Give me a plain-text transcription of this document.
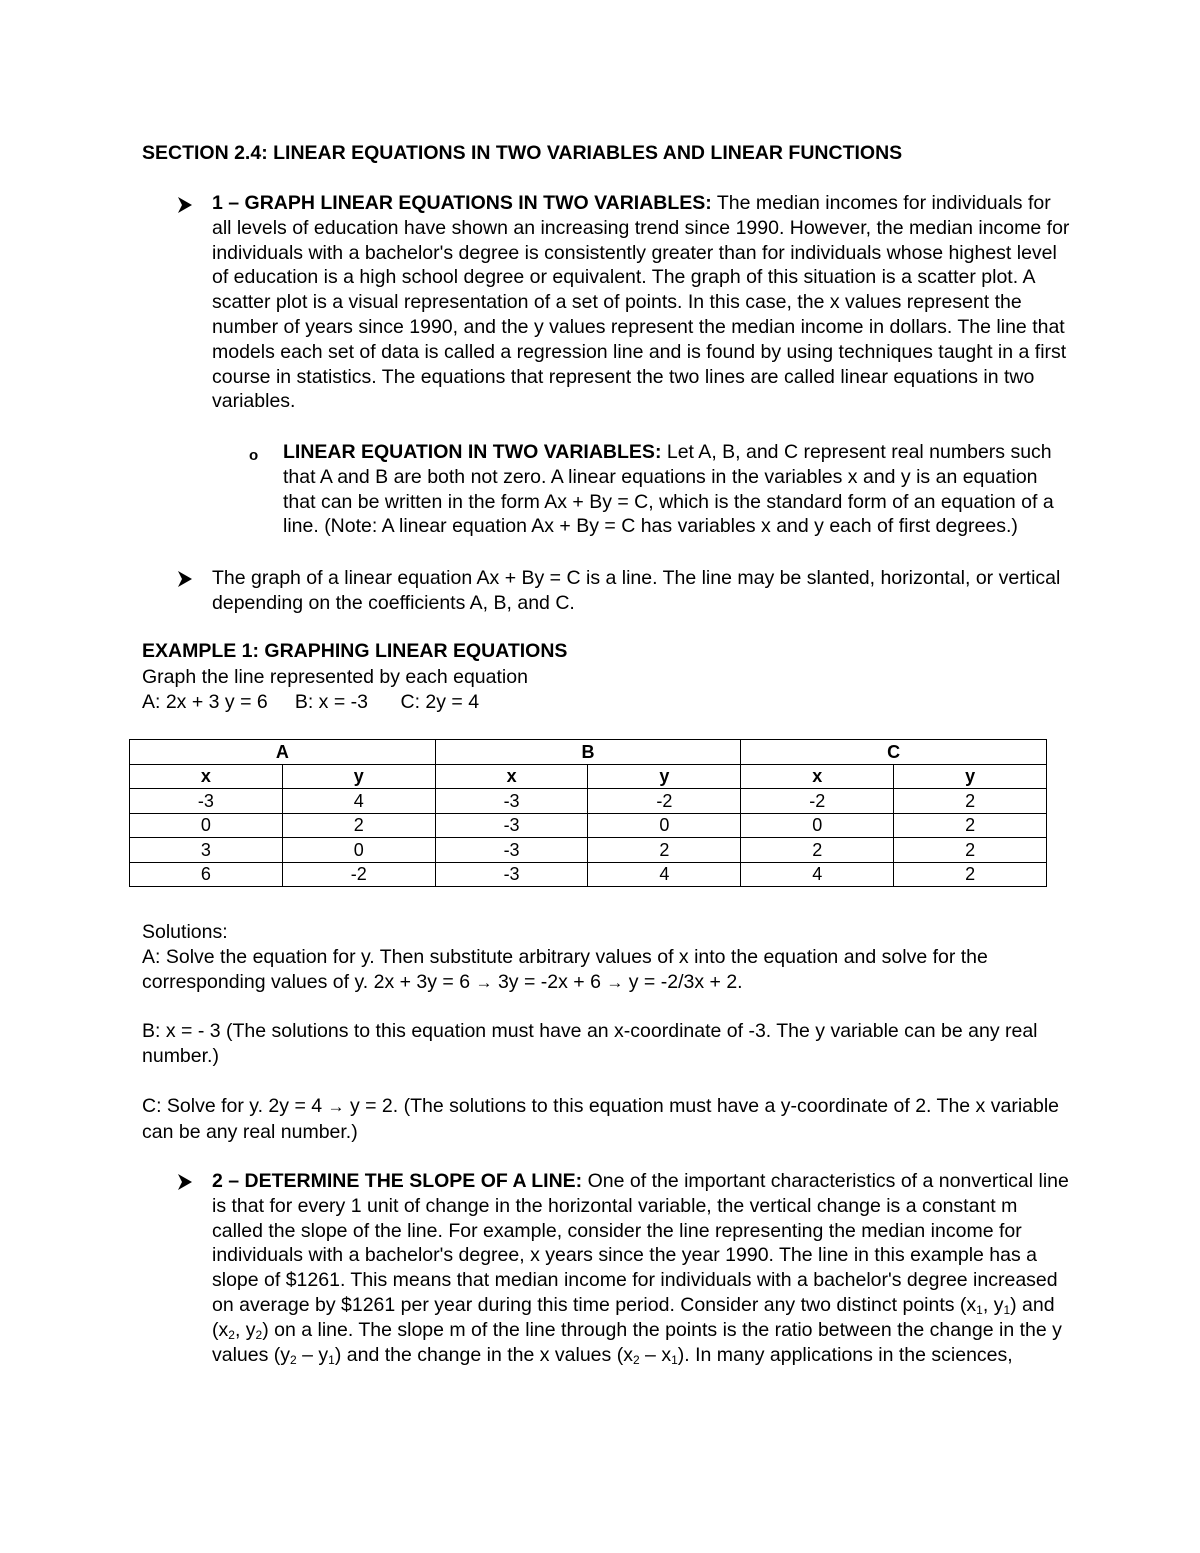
SECTION 2.4: LINEAR EQUATIONS IN TWO VARIABLES AND LINEAR FUNCTIONS
1 – GRAPH LINEAR EQUATIONS IN TWO VARIABLES: The median incomes for individuals for all levels of education have shown an increasing trend since 1990. However, the median income for individuals with a bachelor's degree is consistently greater than for individuals whose highest level of education is a high school degree or equivalent. The graph of this situation is a scatter plot. A scatter plot is a visual representation of a set of points. In this case, the x values represent the number of years since 1990, and the y values represent the median income in dollars. The line that models each set of data is called a regression line and is found by using techniques taught in a first course in statistics. The equations that represent the two lines are called linear equations in two variables.
o LINEAR EQUATION IN TWO VARIABLES: Let A, B, and C represent real numbers such that A and B are both not zero. A linear equations in the variables x and y is an equation that can be written in the form Ax + By = C, which is the standard form of an equation of a line. (Note: A linear equation Ax + By = C has variables x and y each of first degrees.)
The graph of a linear equation Ax + By = C is a line. The line may be slanted, horizontal, or vertical depending on the coefficients A, B, and C.
EXAMPLE 1: GRAPHING LINEAR EQUATIONS
Graph the line represented by each equation
A: 2x + 3 y = 6     B: x = -3      C: 2y = 4
A		B		C	
x	y	x	y	x	y
-3	4	-3	-2	-2	2
0	2	-3	0	0	2
3	0	-3	2	2	2
6	-2	-3	4	4	2
Solutions:
A: Solve the equation for y. Then substitute arbitrary values of x into the equation and solve for the corresponding values of y. 2x + 3y = 6 → 3y = -2x + 6 → y = -2/3x + 2.
B: x = - 3 (The solutions to this equation must have an x-coordinate of -3. The y variable can be any real number.)
C: Solve for y. 2y = 4 → y = 2. (The solutions to this equation must have a y-coordinate of 2. The x variable can be any real number.)
2 – DETERMINE THE SLOPE OF A LINE: One of the important characteristics of a nonvertical line is that for every 1 unit of change in the horizontal variable, the vertical change is a constant m called the slope of the line. For example, consider the line representing the median income for individuals with a bachelor's degree, x years since the year 1990. The line in this example has a slope of $1261. This means that median income for individuals with a bachelor's degree increased on average by $1261 per year during this time period. Consider any two distinct points ($x_1$, $y_1$) and ($x_2$, $y_2$) on a line. The slope m of the line through the points is the ratio between the change in the y values $(y_2 - y_1)$ and the change in the x values $(x_2 - x_1)$. In many applications in the sciences,
